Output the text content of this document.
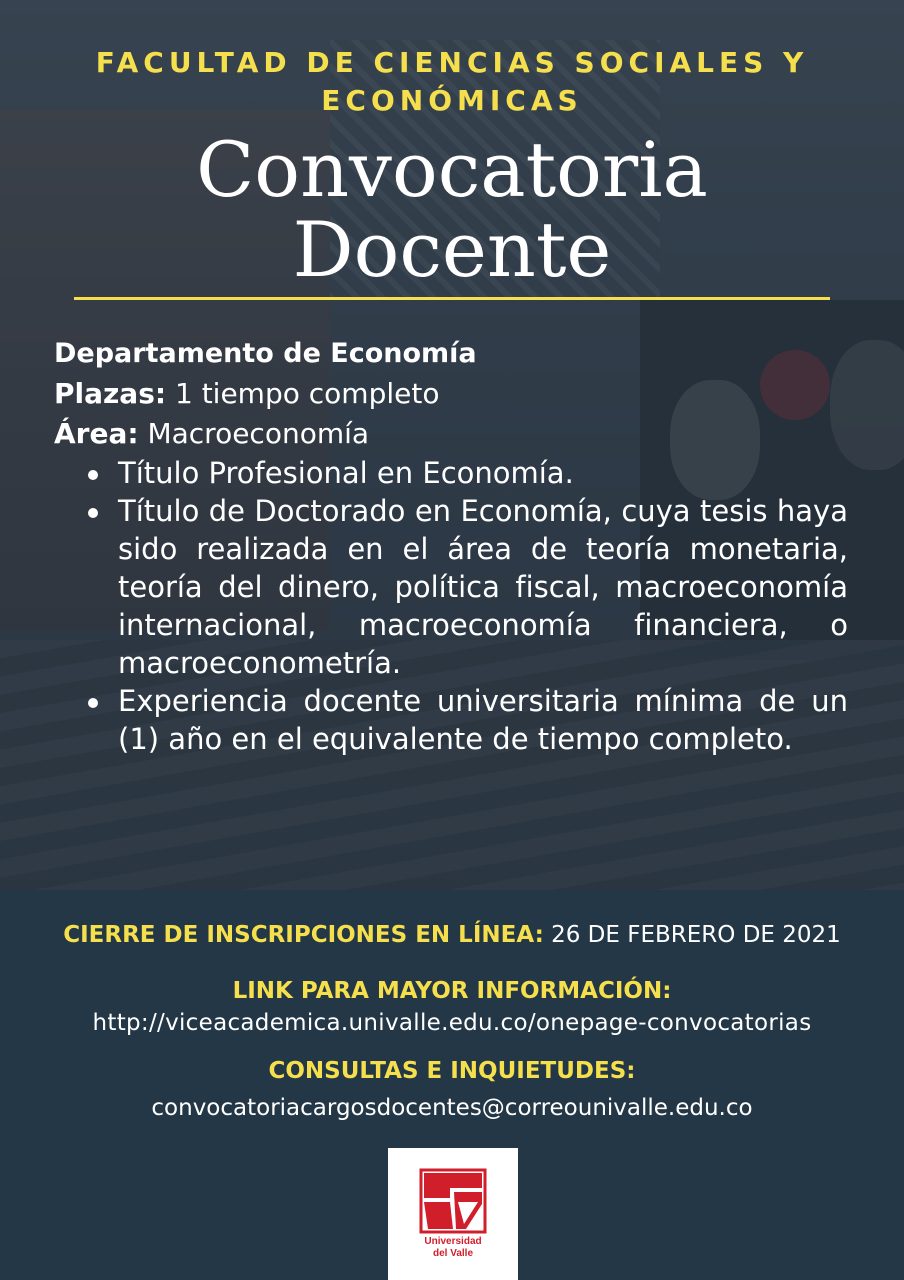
FACULTAD DE CIENCIAS SOCIALES Y ECONÓMICAS
Convocatoria
Docente
Departamento de Economía
Plazas: 1 tiempo completo
Área: Macroeconomía
Título Profesional en Economía.
Título de Doctorado en Economía, cuya tesis haya sido realizada en el área de teoría monetaria, teoría del dinero, política fiscal, macroeconomía internacional, macroeconomía financiera, o macroeconometría.
Experiencia docente universitaria mínima de un (1) año en el equivalente de tiempo completo.
CIERRE DE INSCRIPCIONES EN LÍNEA: 26 DE FEBRERO DE 2021
LINK PARA MAYOR INFORMACIÓN:
http://viceacademica.univalle.edu.co/onepage-convocatorias
CONSULTAS E INQUIETUDES:
convocatoriacargosdocentes@correounivalle.edu.co
Universidad
del Valle
